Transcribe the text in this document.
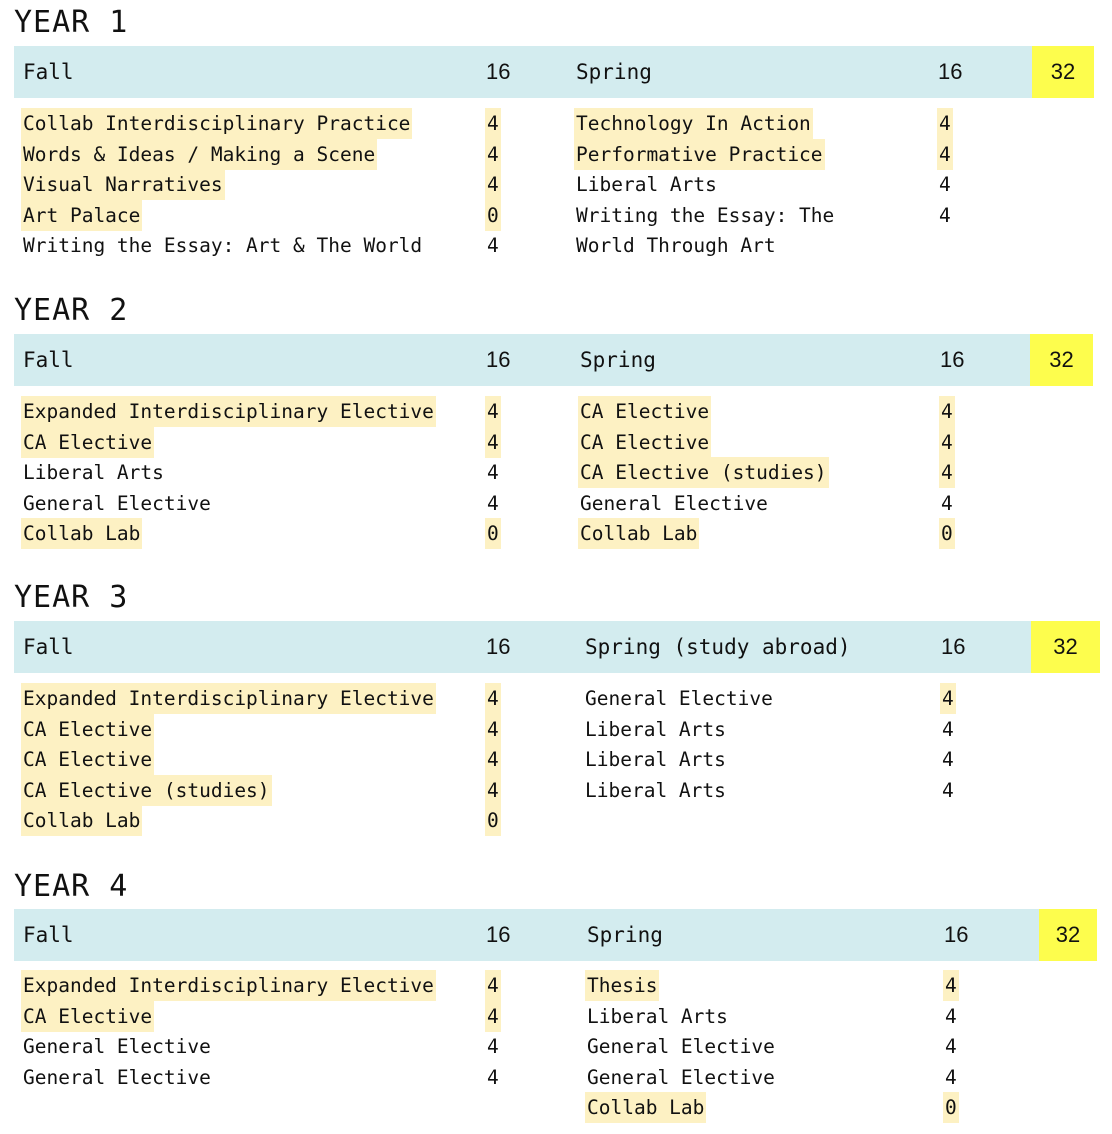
YEAR 1
32
Fall	16
Collab Interdisciplinary Practice	4
Words & Ideas / Making a Scene	4
Visual Narratives	4
Art Palace	0
Writing the Essay: Art & The World	4
Spring	16
Technology In Action	4
Performative Practice	4
Liberal Arts	4
Writing the Essay: The	4
World Through Art
YEAR 2
32
Fall	16
Expanded Interdisciplinary Elective	4
CA Elective	4
Liberal Arts	4
General Elective	4
Collab Lab	0
Spring	16
CA Elective	4
CA Elective	4
CA Elective (studies)	4
General Elective	4
Collab Lab	0
YEAR 3
32
Fall	16
Expanded Interdisciplinary Elective	4
CA Elective	4
CA Elective	4
CA Elective (studies)	4
Collab Lab	0
Spring (study abroad)	16
General Elective	4
Liberal Arts	4
Liberal Arts	4
Liberal Arts	4
YEAR 4
32
Fall	16
Expanded Interdisciplinary Elective	4
CA Elective	4
General Elective	4
General Elective	4
Spring	16
Thesis	4
Liberal Arts	4
General Elective	4
General Elective	4
Collab Lab	0
